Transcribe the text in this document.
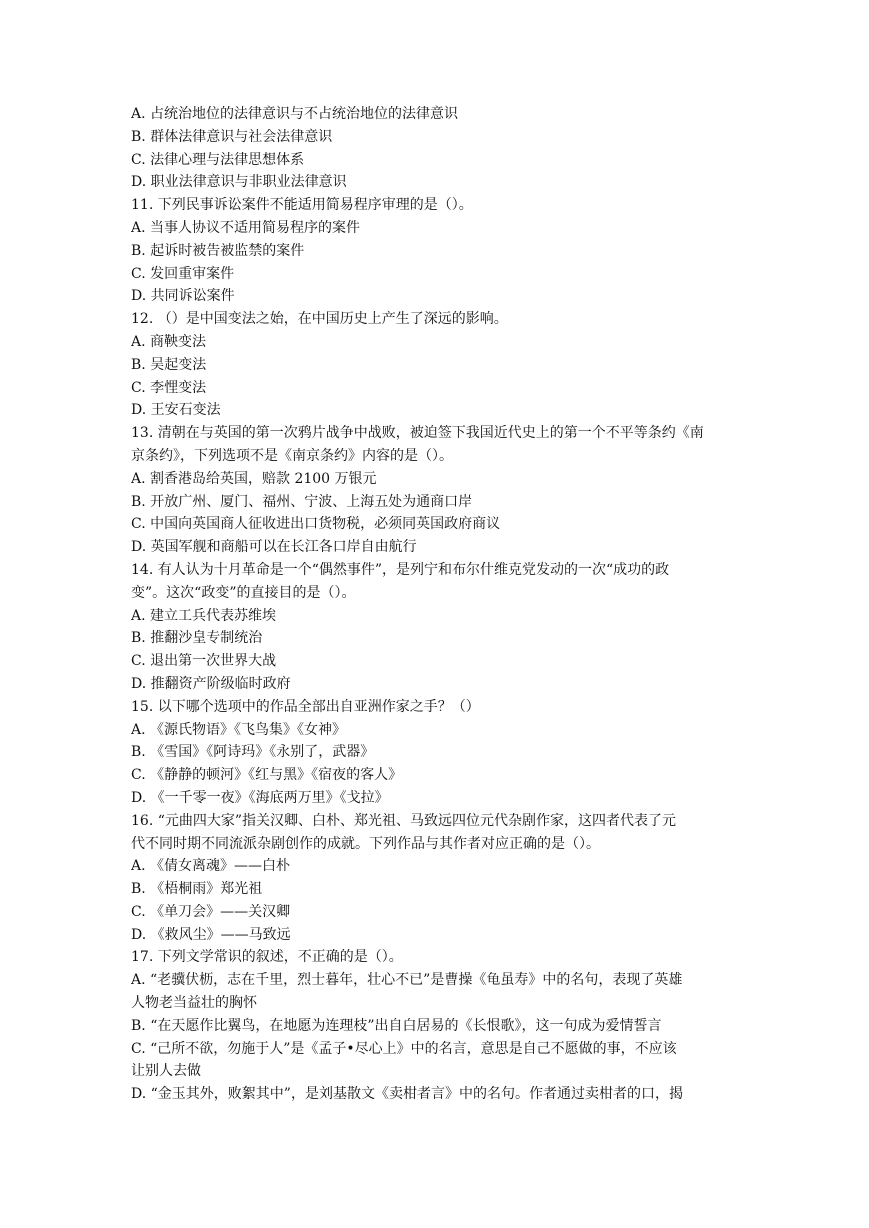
A. 占统治地位的法律意识与不占统治地位的法律意识
B. 群体法律意识与社会法律意识
C. 法律心理与法律思想体系
D. 职业法律意识与非职业法律意识
11. 下列民事诉讼案件不能适用简易程序审理的是（）。
A. 当事人协议不适用简易程序的案件
B. 起诉时被告被监禁的案件
C. 发回重审案件
D. 共同诉讼案件
12. （）是中国变法之始，在中国历史上产生了深远的影响。
A. 商鞅变法
B. 吴起变法
C. 李悝变法
D. 王安石变法
13. 清朝在与英国的第一次鸦片战争中战败，被迫签下我国近代史上的第一个不平等条约《南
京条约》，下列选项不是《南京条约》内容的是（）。
A. 割香港岛给英国，赔款 2100 万银元
B. 开放广州、厦门、福州、宁波、上海五处为通商口岸
C. 中国向英国商人征收进出口货物税，必须同英国政府商议
D. 英国军舰和商船可以在长江各口岸自由航行
14. 有人认为十月革命是一个“偶然事件”，是列宁和布尔什维克党发动的一次“成功的政
变”。这次“政变”的直接目的是（）。
A. 建立工兵代表苏维埃
B. 推翻沙皇专制统治
C. 退出第一次世界大战
D. 推翻资产阶级临时政府
15. 以下哪个选项中的作品全部出自亚洲作家之手？（）
A. 《源氏物语》《飞鸟集》《女神》
B. 《雪国》《阿诗玛》《永别了，武器》
C. 《静静的顿河》《红与黑》《宿夜的客人》
D. 《一千零一夜》《海底两万里》《戈拉》
16. “元曲四大家”指关汉卿、白朴、郑光祖、马致远四位元代杂剧作家，这四者代表了元
代不同时期不同流派杂剧创作的成就。下列作品与其作者对应正确的是（）。
A. 《倩女离魂》——白朴
B. 《梧桐雨》郑光祖
C. 《单刀会》——关汉卿
D. 《救风尘》——马致远
17. 下列文学常识的叙述，不正确的是（）。
A. “老骥伏枥，志在千里，烈士暮年，壮心不已”是曹操《龟虽寿》中的名句，表现了英雄
人物老当益壮的胸怀
B. “在天愿作比翼鸟，在地愿为连理枝”出自白居易的《长恨歌》，这一句成为爱情誓言
C. “己所不欲，勿施于人”是《孟子•尽心上》中的名言，意思是自己不愿做的事，不应该
让别人去做
D. “金玉其外，败絮其中”，是刘基散文《卖柑者言》中的名句。作者通过卖柑者的口，揭
